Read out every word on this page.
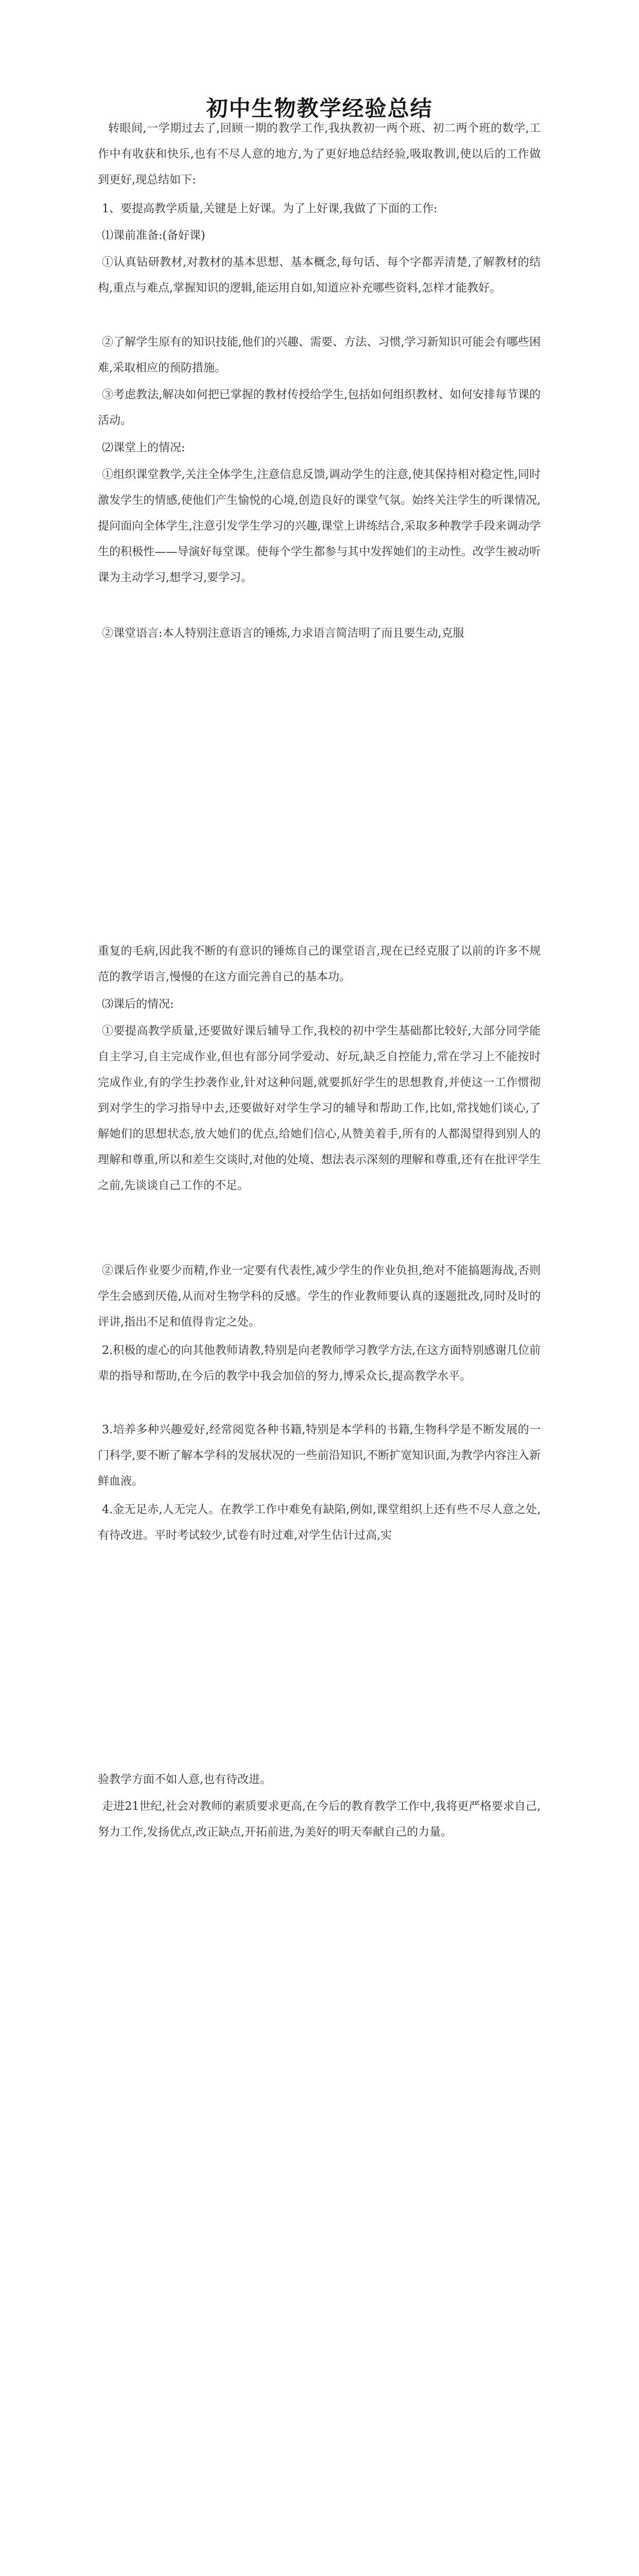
初中生物教学经验总结

转眼间,一学期过去了,回顾一期的教学工作,我执教初一两个班、初二两个班的数学,工作中有收获和快乐,也有不尽人意的地方,为了更好地总结经验,吸取教训,使以后的工作做到更好,现总结如下:

1、要提高教学质量,关键是上好课。为了上好课,我做了下面的工作:

⑴课前准备:(备好课)

①认真钻研教材,对教材的基本思想、基本概念,每句话、每个字都弄清楚,了解教材的结构,重点与难点,掌握知识的逻辑,能运用自如,知道应补充哪些资料,怎样才能教好。

②了解学生原有的知识技能,他们的兴趣、需要、方法、习惯,学习新知识可能会有哪些困难,采取相应的预防措施。

③考虑教法,解决如何把已掌握的教材传授给学生,包括如何组织教材、如何安排每节课的活动。

⑵课堂上的情况:

①组织课堂教学,关注全体学生,注意信息反馈,调动学生的注意,使其保持相对稳定性,同时激发学生的情感,使他们产生愉悦的心境,创造良好的课堂气氛。始终关注学生的听课情况,提问面向全体学生,注意引发学生学习的兴趣,课堂上讲练结合,采取多种教学手段来调动学生的积极性——导演好每堂课。使每个学生都参与其中发挥她们的主动性。改学生被动听课为主动学习,想学习,要学习。

②课堂语言:本人特别注意语言的锤炼,力求语言简洁明了而且要生动,克服

重复的毛病,因此我不断的有意识的锤炼自己的课堂语言,现在已经克服了以前的许多不规范的教学语言,慢慢的在这方面完善自己的基本功。

⑶课后的情况:

①要提高教学质量,还要做好课后辅导工作,我校的初中学生基础都比较好,大部分同学能自主学习,自主完成作业,但也有部分同学爱动、好玩,缺乏自控能力,常在学习上不能按时完成作业,有的学生抄袭作业,针对这种问题,就要抓好学生的思想教育,并使这一工作惯彻到对学生的学习指导中去,还要做好对学生学习的辅导和帮助工作,比如,常找她们谈心,了解她们的思想状态,放大她们的优点,给她们信心,从赞美着手,所有的人都渴望得到别人的理解和尊重,所以和差生交谈时,对他的处境、想法表示深刻的理解和尊重,还有在批评学生之前,先谈谈自己工作的不足。

②课后作业要少而精,作业一定要有代表性,减少学生的作业负担,绝对不能搞题海战,否则学生会感到厌倦,从而对生物学科的反感。学生的作业教师要认真的逐题批改,同时及时的评讲,指出不足和值得肯定之处。

2.积极的虚心的向其他教师请教,特别是向老教师学习教学方法,在这方面特别感谢几位前辈的指导和帮助,在今后的教学中我会加倍的努力,博采众长,提高教学水平。

3.培养多种兴趣爱好,经常阅览各种书籍,特别是本学科的书籍,生物科学是不断发展的一门科学,要不断了解本学科的发展状况的一些前沿知识,不断扩宽知识面,为教学内容注入新鲜血液。

4.金无足赤,人无完人。在教学工作中难免有缺陷,例如,课堂组织上还有些不尽人意之处,有待改进。平时考试较少,试卷有时过难,对学生估计过高,实

验教学方面不如人意,也有待改进。

走进21世纪,社会对教师的素质要求更高,在今后的教育教学工作中,我将更严格要求自己,努力工作,发扬优点,改正缺点,开拓前进,为美好的明天奉献自己的力量。
